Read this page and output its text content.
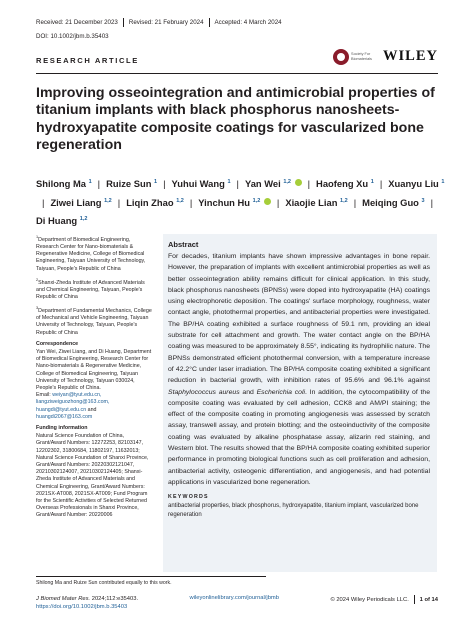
Received: 21 December 2023 Revised: 21 February 2024 Accepted: 4 March 2024
DOI: 10.1002/jbm.b.35403
RESEARCH ARTICLE
Society For Biomaterials WILEY
Improving osseointegration and antimicrobial properties of titanium implants with black phosphorus nanosheets-hydroxyapatite composite coatings for vascularized bone regeneration
Shilong Ma $^1$ | Ruize Sun $^1$ | Yuhui Wang $^1$ | Yan Wei $^{1,2}$ | Haofeng Xu $^1$ | Xuanyu Liu $^1$| Ziwei Liang $^{1,2}$ | Liqin Zhao $^{1,2}$ | Yinchun Hu $^{1,2}$ | Xiaojie Lian $^{1,2}$ | Meiqing Guo $^3$ |Di Huang $^{1,2}$

$^1$Department of Biomedical Engineering, Research Center for Nano-biomaterials & Regenerative Medicine, College of Biomedical Engineering, Taiyuan University of Technology, Taiyuan, People's Republic of China

$^2$Shanxi-Zheda Institute of Advanced Materials and Chemical Engineering, Taiyuan, People's Republic of China

$^3$Department of Fundamental Mechanics, College of Mechanical and Vehicle Engineering, Taiyuan University of Technology, Taiyuan, People's Republic of China

Correspondence

Yan Wei, Ziwei Liang, and Di Huang, Department of Biomedical Engineering, Research Center for Nano-biomaterials & Regenerative Medicine, College of Biomedical Engineering, Taiyuan University of Technology, Taiyuan 030024, People's Republic of China.
Email: weiyan@tyut.edu.cn,
liangziweiguozhong@163.com,
huangdi@tyut.edu.cn and
huangdi2067@163.com

Funding information

Natural Science Foundation of China, Grant/Award Numbers: 12272253, 82103147, 12202302, 31800684, 11802197, 11632013; Natural Science Foundation of Shanxi Province, Grant/Award Numbers: 20220302121047, 20210302124007, 20210302124405; Shanxi-Zheda Institute of Advanced Materials and Chemical Engineering, Grant/Award Numbers: 2021SX-AT008, 2021SX-AT009; Fund Program for the Scientific Activities of Selected Returned Overseas Professionals in Shanxi Province, Grant/Award Number: 20220006

Abstract

For decades, titanium implants have shown impressive advantages in bone repair. However, the preparation of implants with excellent antimicrobial properties as well as better osseointegration ability remains difficult for clinical application. In this study, black phosphorus nanosheets (BPNSs) were doped into hydroxyapatite (HA) coatings using electrophoretic deposition. The coatings' surface morphology, roughness, water contact angle, photothermal properties, and antibacterial properties were investigated. The BP/HA coating exhibited a surface roughness of 59.1 nm, providing an ideal substrate for cell attachment and growth. The water contact angle on the BP/HA coating was measured to be approximately 8.55°, indicating its hydrophilic nature. The BPNSs demonstrated efficient photothermal conversion, with a temperature increase of 42.2°C under laser irradiation. The BP/HA composite coating exhibited a significant reduction in bacterial growth, with inhibition rates of 95.6% and 96.1% against Staphylococcus aureus and Escherichia coli. In addition, the cytocompatibility of the composite coating was evaluated by cell adhesion, CCK8 and AM/PI staining; the effect of the composite coating in promoting angiogenesis was assessed by scratch assay, transwell assay, and protein blotting; and the osteoinductivity of the composite coating was evaluated by alkaline phosphatase assay, alizarin red staining, and Western blot. The results showed that the BP/HA composite coating exhibited superior performance in promoting biological functions such as cell proliferation and adhesion, antibacterial activity, osteogenic differentiation, and angiogenesis, and had potential applications in vascularized bone regeneration.

KEYWORDS

antibacterial properties, black phosphorus, hydroxyapatite, titanium implant, vascularized bone regeneration

Shilong Ma and Ruize Sun contributed equally to this work.
J Biomed Mater Res. 2024;112:e35403.
https://doi.org/10.1002/jbm.b.35403
wileyonlinelibrary.com/journal/jbmb	© 2024 Wiley Periodicals LLC. 1 of 14
